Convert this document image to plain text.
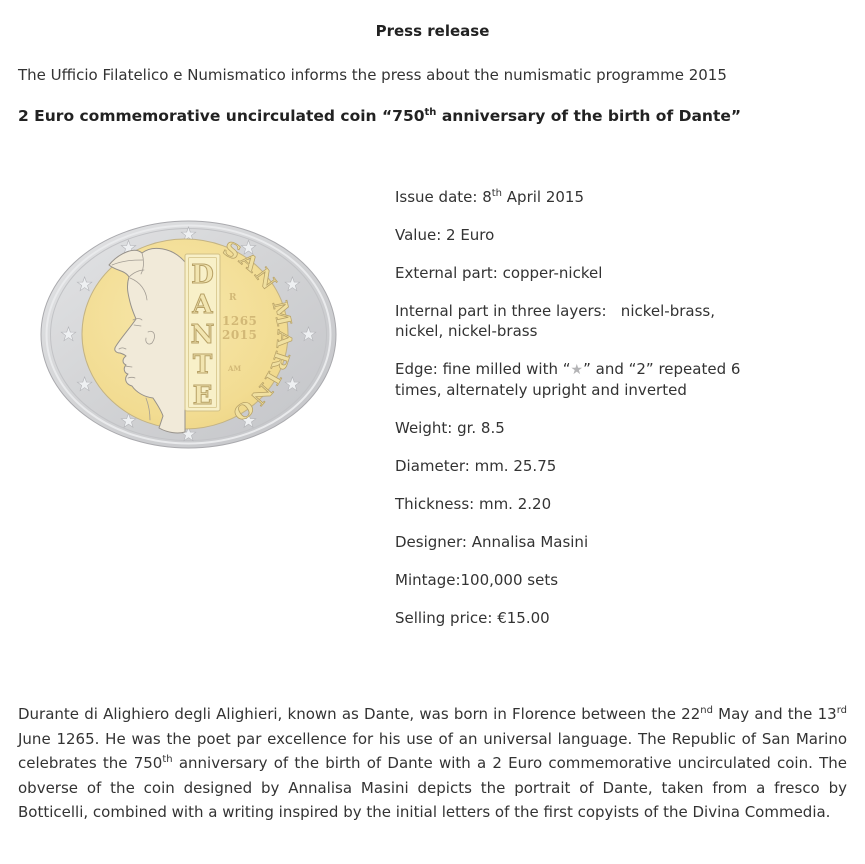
Press release
The Ufficio Filatelico e Numismatico informs the press about the numismatic programme 2015
2 Euro commemorative uncirculated coin “750th anniversary of the birth of Dante”
SAN MARINO
D
A
N
T
E
R
1265
2015
AM
Issue date: 8th April 2015
Value: 2 Euro
External part: copper-nickel
Internal part in three layers:   nickel-brass,
nickel, nickel-brass
Edge: fine milled with “★” and “2” repeated 6
times, alternately upright and inverted
Weight: gr. 8.5
Diameter: mm. 25.75
Thickness: mm. 2.20
Designer: Annalisa Masini
Mintage:100,000 sets
Selling price: €15.00
Durante di Alighiero degli Alighieri, known as Dante, was born in Florence between the 22nd May and the 13rd June 1265. He was the poet par excellence for his use of an universal language. The Republic of San Marino celebrates the 750th anniversary of the birth of Dante with a 2 Euro commemorative uncirculated coin. The obverse of the coin designed by Annalisa Masini depicts the portrait of Dante, taken from a fresco by Botticelli, combined with a writing inspired by the initial letters of the first copyists of the Divina Commedia.
